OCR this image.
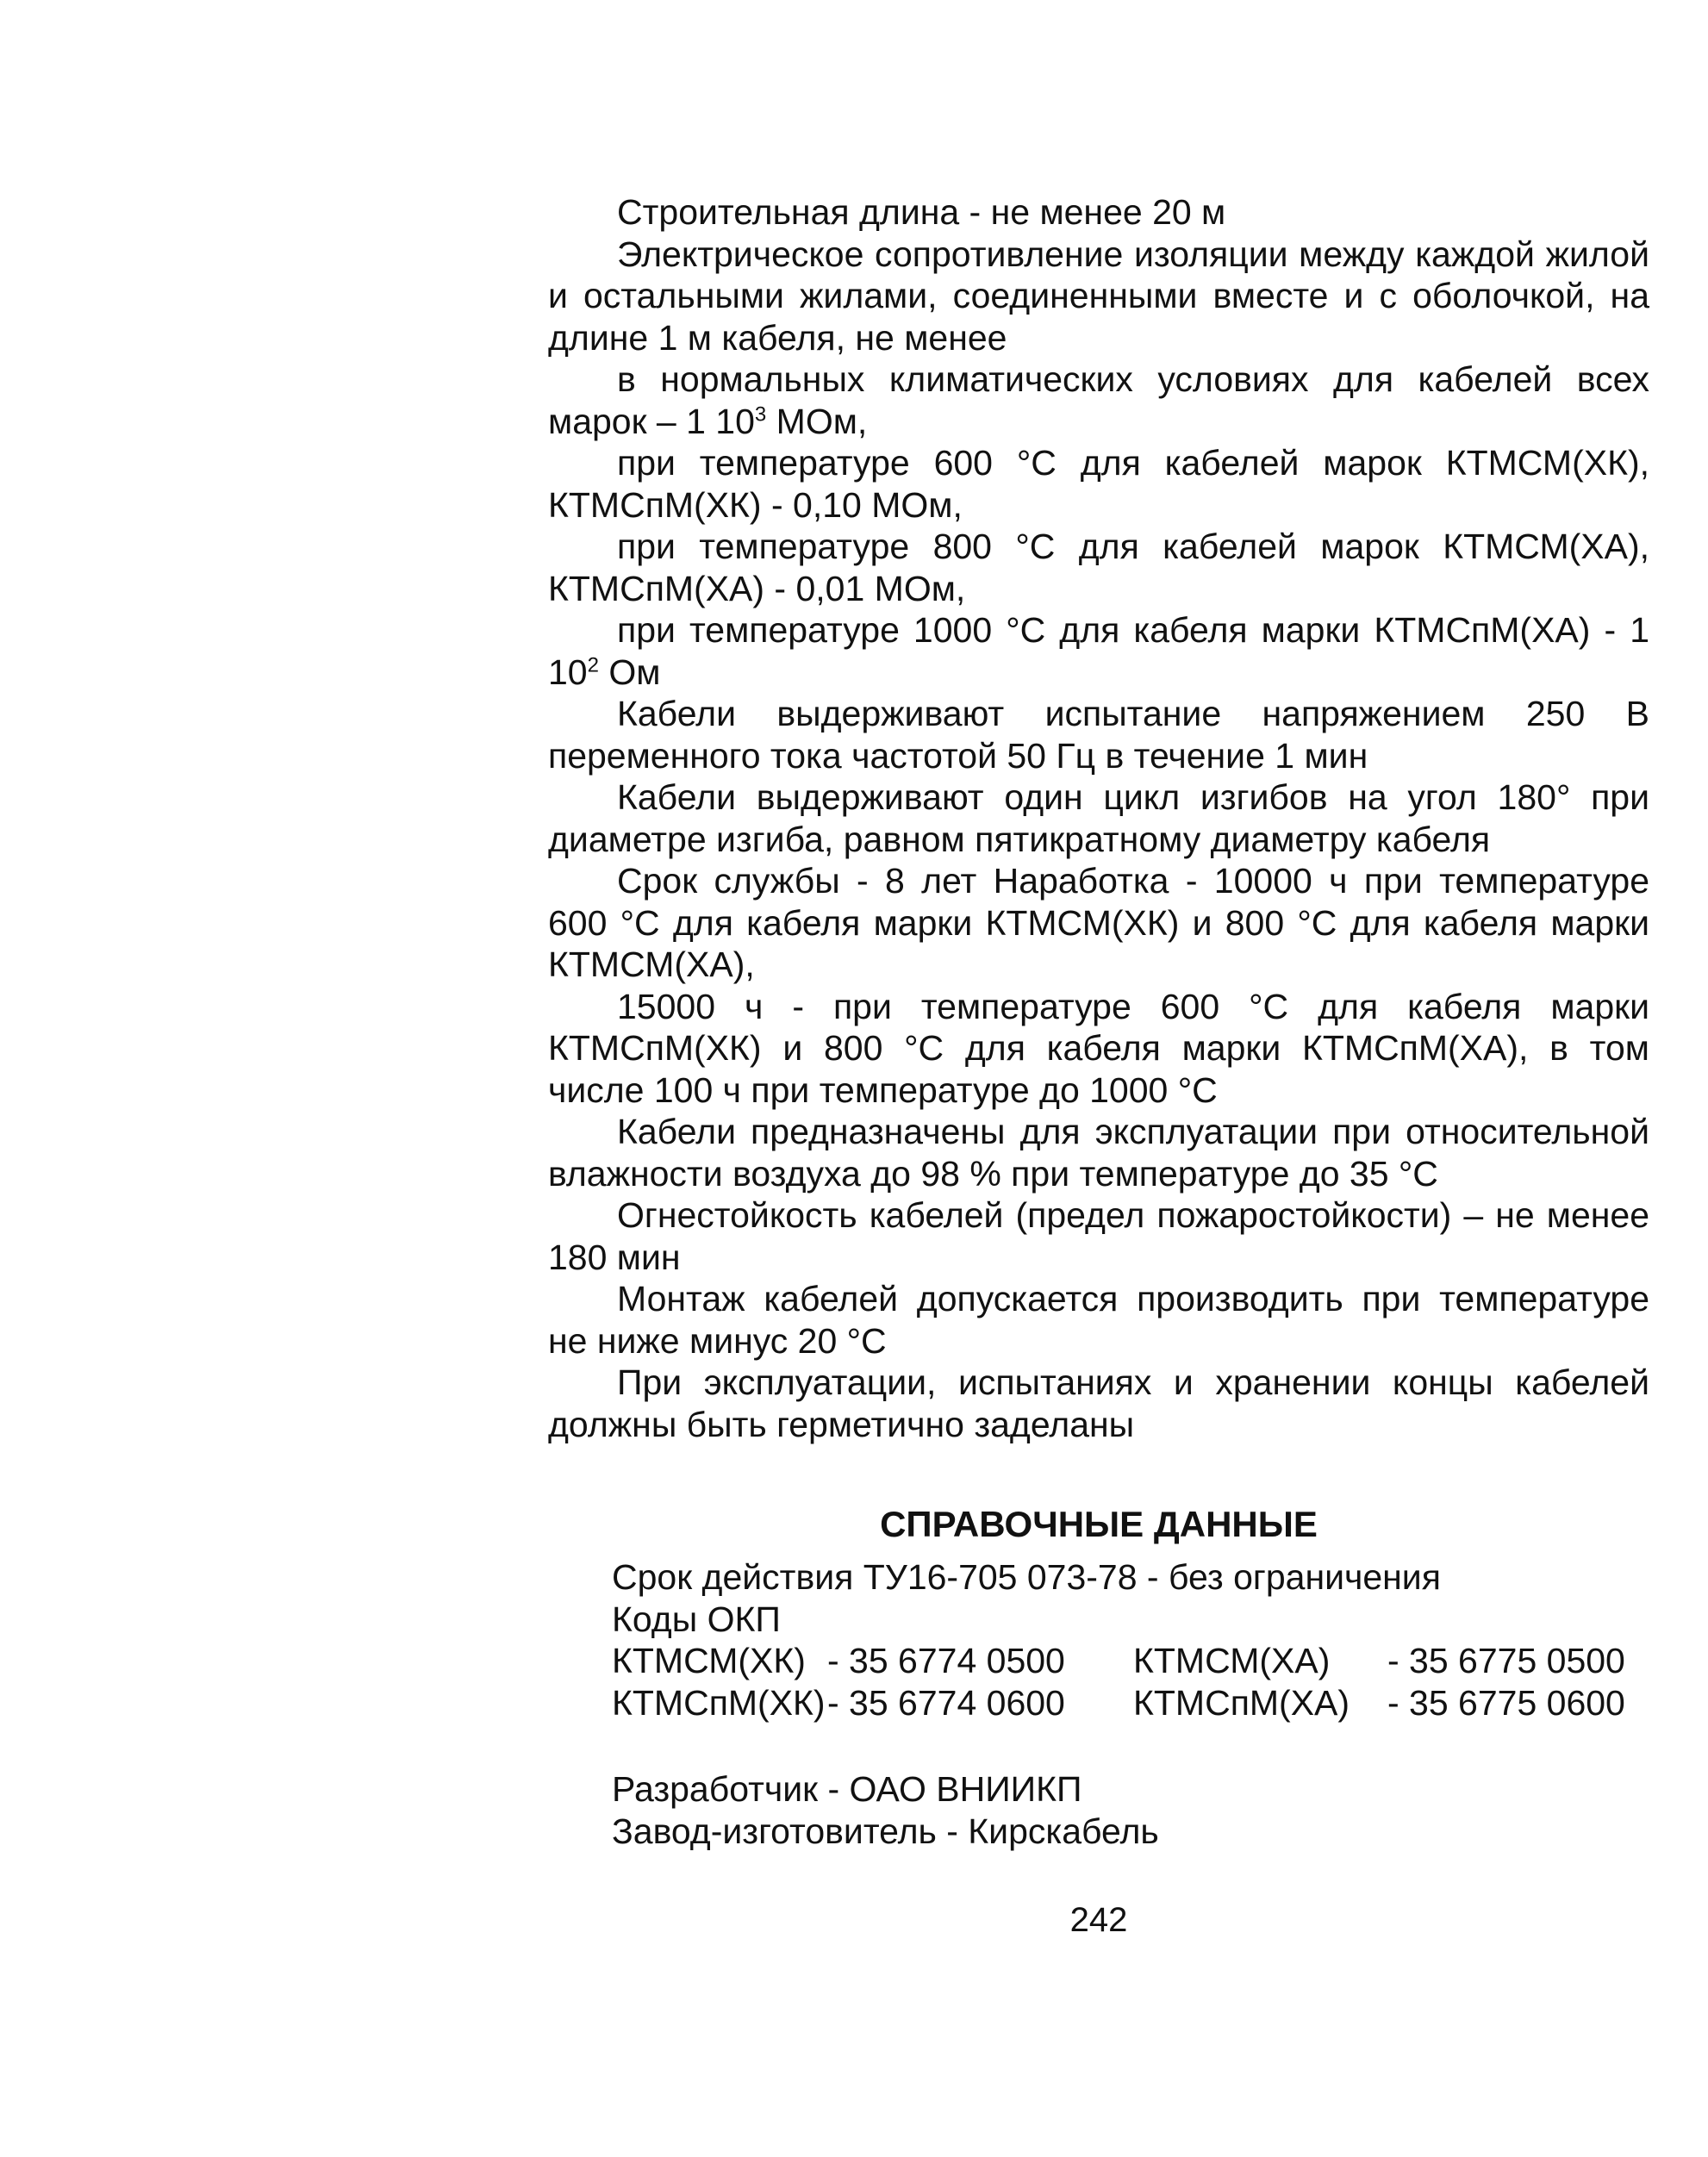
Строительная длина - не менее 20 м

Электрическое сопротивление изоляции между каждой жилой и остальными жилами, соединенными вместе и с оболочкой, на длине 1 м кабеля, не менее

в нормальных климатических условиях для кабелей всех марок – 1 $10^3$ МОм,

при температуре 600 °С для кабелей марок КТМСМ(ХК), КТМСпМ(ХК) - 0,10 МОм,

при температуре 800 °С для кабелей марок КТМСМ(ХА), КТМСпМ(ХА) - 0,01 МОм,

при температуре 1000 °С для кабеля марки КТМСпМ(ХА) - 1 $10^2$ Ом

Кабели выдерживают испытание напряжением 250 В переменного тока частотой 50 Гц в течение 1 мин

Кабели выдерживают один цикл изгибов на угол 180° при диаметре изгиба, равном пятикратному диаметру кабеля

Срок службы - 8 лет Наработка - 10000 ч при температуре 600 °С для кабеля марки КТМСМ(ХК) и 800 °С для кабеля марки КТМСМ(ХА),

15000 ч - при температуре 600 °С для кабеля марки КТМСпМ(ХК) и 800 °С для кабеля марки КТМСпМ(ХА), в том числе 100 ч при температуре до 1000 °С

Кабели предназначены для эксплуатации при относительной влажности воздуха до 98 % при температуре до 35 °С

Огнестойкость кабелей (предел пожаростойкости) – не менее 180 мин

Монтаж кабелей допускается производить при температуре не ниже минус 20 °С

При эксплуатации, испытаниях и хранении концы кабелей должны быть герметично заделаны

СПРАВОЧНЫЕ ДАННЫЕ

Срок действия ТУ16-705 073-78 - без ограничения

Коды ОКП

КТМСМ(ХК)	- 35 6774 0500	КТМСМ(ХА)	- 35 6775 0500
КТМСпМ(ХК)	- 35 6774 0600	КТМСпМ(ХА)	- 35 6775 0600

Разработчик - ОАО ВНИИКП

Завод-изготовитель - Кирскабель

242
